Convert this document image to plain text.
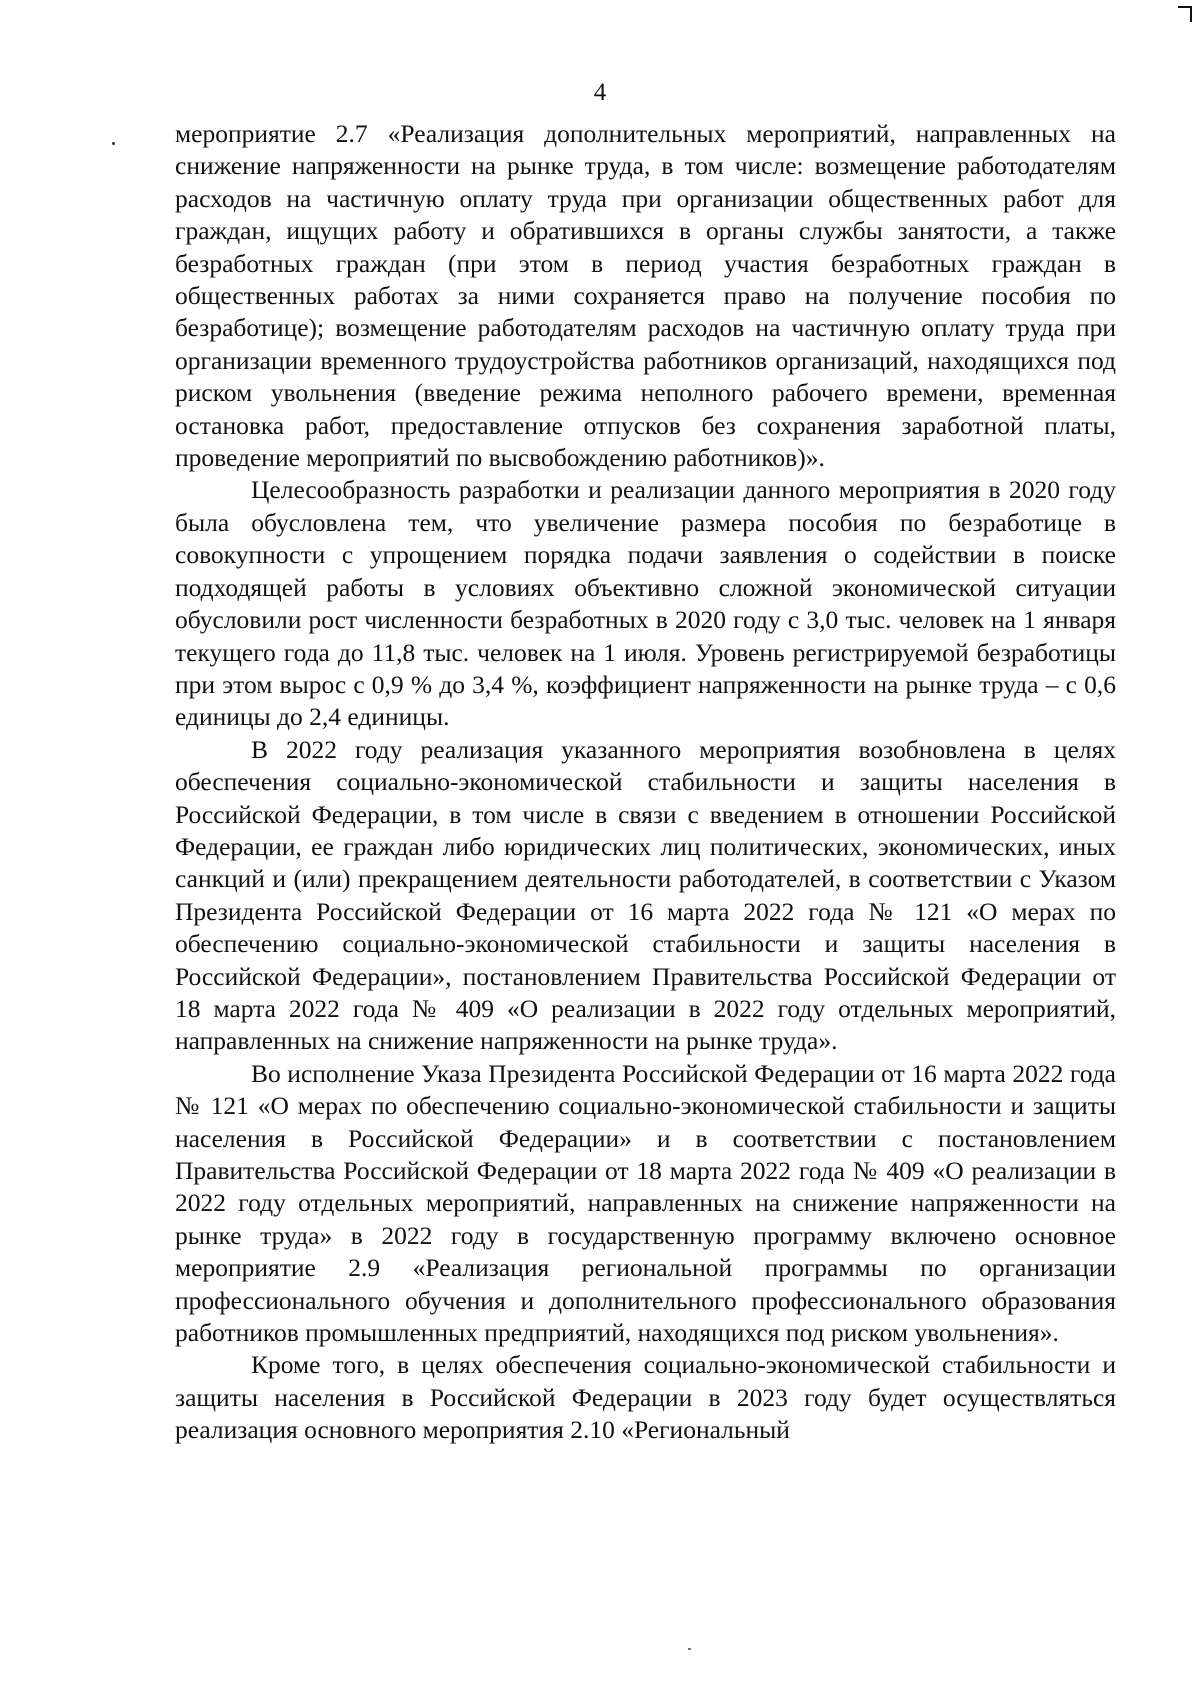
4

мероприятие 2.7 «Реализация дополнительных мероприятий, направленных на снижение напряженности на рынке труда, в том числе: возмещение работодателям расходов на частичную оплату труда при организации общественных работ для граждан, ищущих работу и обратившихся в органы службы занятости, а также безработных граждан (при этом в период участия безработных граждан в общественных работах за ними сохраняется право на получение пособия по безработице); возмещение работодателям расходов на частичную оплату труда при организации временного трудоустройства работников организаций, находящихся под риском увольнения (введение режима неполного рабочего времени, временная остановка работ, предоставление отпусков без сохранения заработной платы, проведение мероприятий по высвобождению работников)».

Целесообразность разработки и реализации данного мероприятия в 2020 году была обусловлена тем, что увеличение размера пособия по безработице в совокупности с упрощением порядка подачи заявления о содействии в поиске подходящей работы в условиях объективно сложной экономической ситуации обусловили рост численности безработных в 2020 году с 3,0 тыс. человек на 1 января текущего года до 11,8 тыс. человек на 1 июля. Уровень регистрируемой безработицы при этом вырос с 0,9 % до 3,4 %, коэффициент напряженности на рынке труда – с 0,6 единицы до 2,4 единицы.

В 2022 году реализация указанного мероприятия возобновлена в целях обеспечения социально-экономической стабильности и защиты населения в Российской Федерации, в том числе в связи с введением в отношении Российской Федерации, ее граждан либо юридических лиц политических, экономических, иных санкций и (или) прекращением деятельности работодателей, в соответствии с Указом Президента Российской Федерации от 16 марта 2022 года № 121 «О мерах по обеспечению социально-экономической стабильности и защиты населения в Российской Федерации», постановлением Правительства Российской Федерации от 18 марта 2022 года № 409 «О реализации в 2022 году отдельных мероприятий, направленных на снижение напряженности на рынке труда».

Во исполнение Указа Президента Российской Федерации от 16 марта 2022 года № 121 «О мерах по обеспечению социально-экономической стабильности и защиты населения в Российской Федерации» и в соответствии с постановлением Правительства Российской Федерации от 18 марта 2022 года № 409 «О реализации в 2022 году отдельных мероприятий, направленных на снижение напряженности на рынке труда» в 2022 году в государственную программу включено основное мероприятие 2.9 «Реализация региональной программы по организации профессионального обучения и дополнительного профессионального образования работников промышленных предприятий, находящихся под риском увольнения».

Кроме того, в целях обеспечения социально-экономической стабильности и защиты населения в Российской Федерации в 2023 году будет осуществляться реализация основного мероприятия 2.10 «Региональный
